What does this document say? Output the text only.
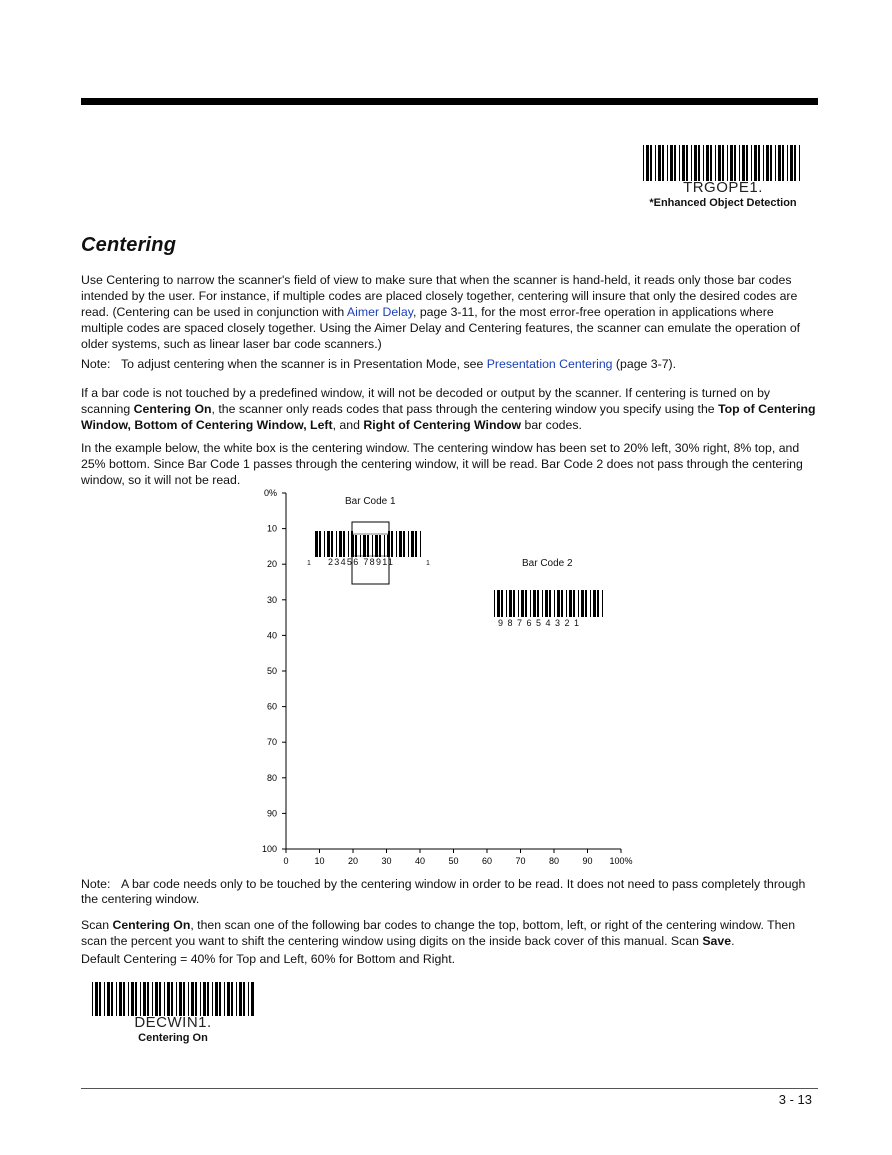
TRGOPE1.
*Enhanced Object Detection
Centering

Use Centering to narrow the scanner's field of view to make sure that when the scanner is hand-held, it reads only those bar codes intended by the user. For instance, if multiple codes are placed closely together, centering will insure that only the desired codes are read. (Centering can be used in conjunction with Aimer Delay, page 3-11, for the most error-free operation in applications where multiple codes are spaced closely together. Using the Aimer Delay and Centering features, the scanner can emulate the operation of older systems, such as linear laser bar code scanners.)

Note: To adjust centering when the scanner is in Presentation Mode, see Presentation Centering (page 3-7).

If a bar code is not touched by a predefined window, it will not be decoded or output by the scanner. If centering is turned on by scanning Centering On, the scanner only reads codes that pass through the centering window you specify using the Top of Centering Window, Bottom of Centering Window, Left, and Right of Centering Window bar codes.

In the example below, the white box is the centering window. The centering window has been set to 20% left, 30% right, 8% top, and 25% bottom. Since Bar Code 1 passes through the centering window, it will be read. Bar Code 2 does not pass through the centering window, so it will not be read.

0%
10
20
30
40
50
60
70
80
90
100
0	10	20	30	40	50	60	70	80	90 100%
Bar Code 1
1 23456 78911	1	Bar Code 2
9 8 7 6 5 4 3 2 1

Note: A bar code needs only to be touched by the centering window in order to be read. It does not need to pass completely through the centering window.

Scan Centering On, then scan one of the following bar codes to change the top, bottom, left, or right of the centering window. Then scan the percent you want to shift the centering window using digits on the inside back cover of this manual. Scan Save.

Default Centering = 40% for Top and Left, 60% for Bottom and Right.

DECWIN1.
Centering On
3 - 13
